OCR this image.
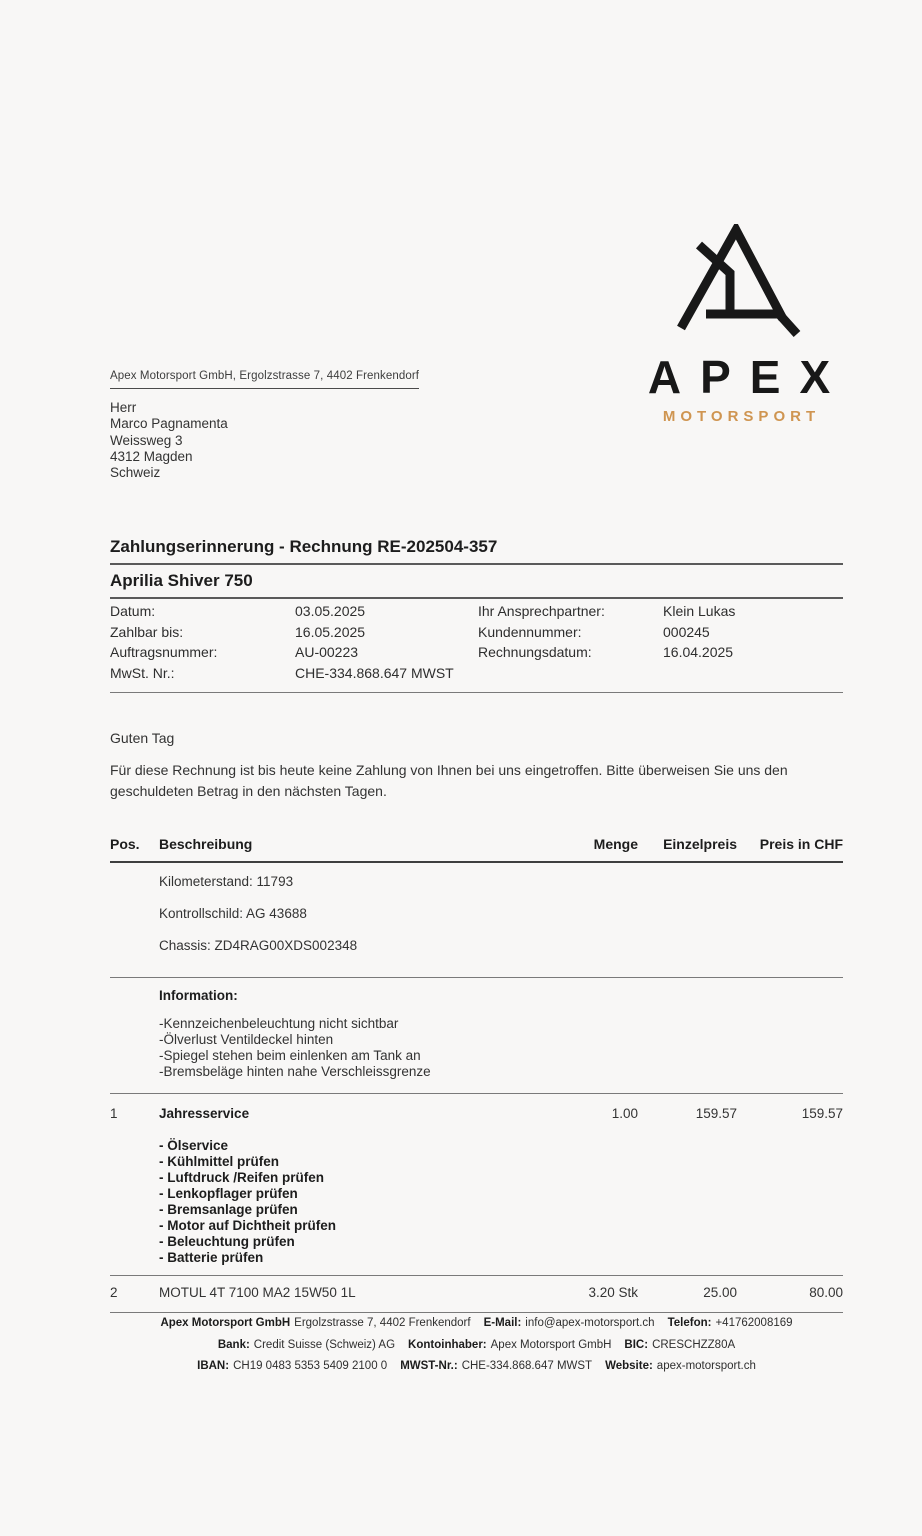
APEX
MOTORSPORT
Apex Motorsport GmbH, Ergolzstrasse 7, 4402 Frenkendorf
Herr
Marco Pagnamenta
Weissweg 3
4312 Magden
Schweiz
Zahlungserinnerung - Rechnung RE-202504-357
Aprilia Shiver 750
Datum:	03.05.2025	Ihr Ansprechpartner:	Klein Lukas
Zahlbar bis:	16.05.2025	Kundennummer:	000245
Auftragsnummer:	AU-00223	Rechnungsdatum:	16.04.2025
MwSt. Nr.:	CHE-334.868.647 MWST
Guten Tag
Für diese Rechnung ist bis heute keine Zahlung von Ihnen bei uns eingetroffen. Bitte überweisen Sie uns den geschuldeten Betrag in den nächsten Tagen.
Pos.	Beschreibung	Menge	Einzelpreis	Preis in CHF
Kilometerstand: 11793
Kontrollschild: AG 43688
Chassis: ZD4RAG00XDS002348
Information:
-Kennzeichenbeleuchtung nicht sichtbar
-Ölverlust Ventildeckel hinten
-Spiegel stehen beim einlenken am Tank an
-Bremsbeläge hinten nahe Verschleissgrenze
1	Jahresservice	1.00	159.57	159.57
- Ölservice
- Kühlmittel prüfen
- Luftdruck /Reifen prüfen
- Lenkopflager prüfen
- Bremsanlage prüfen
- Motor auf Dichtheit prüfen
- Beleuchtung prüfen
- Batterie prüfen
2	MOTUL 4T 7100 MA2 15W50 1L	3.20 Stk	25.00	80.00
Apex Motorsport GmbH Ergolzstrasse 7, 4402 Frenkendorf E-Mail: info@apex-motorsport.ch Telefon: +41762008169
Bank: Credit Suisse (Schweiz) AG Kontoinhaber: Apex Motorsport GmbH BIC: CRESCHZZ80A
IBAN: CH19 0483 5353 5409 2100 0 MWST-Nr.: CHE-334.868.647 MWST Website: apex-motorsport.ch
